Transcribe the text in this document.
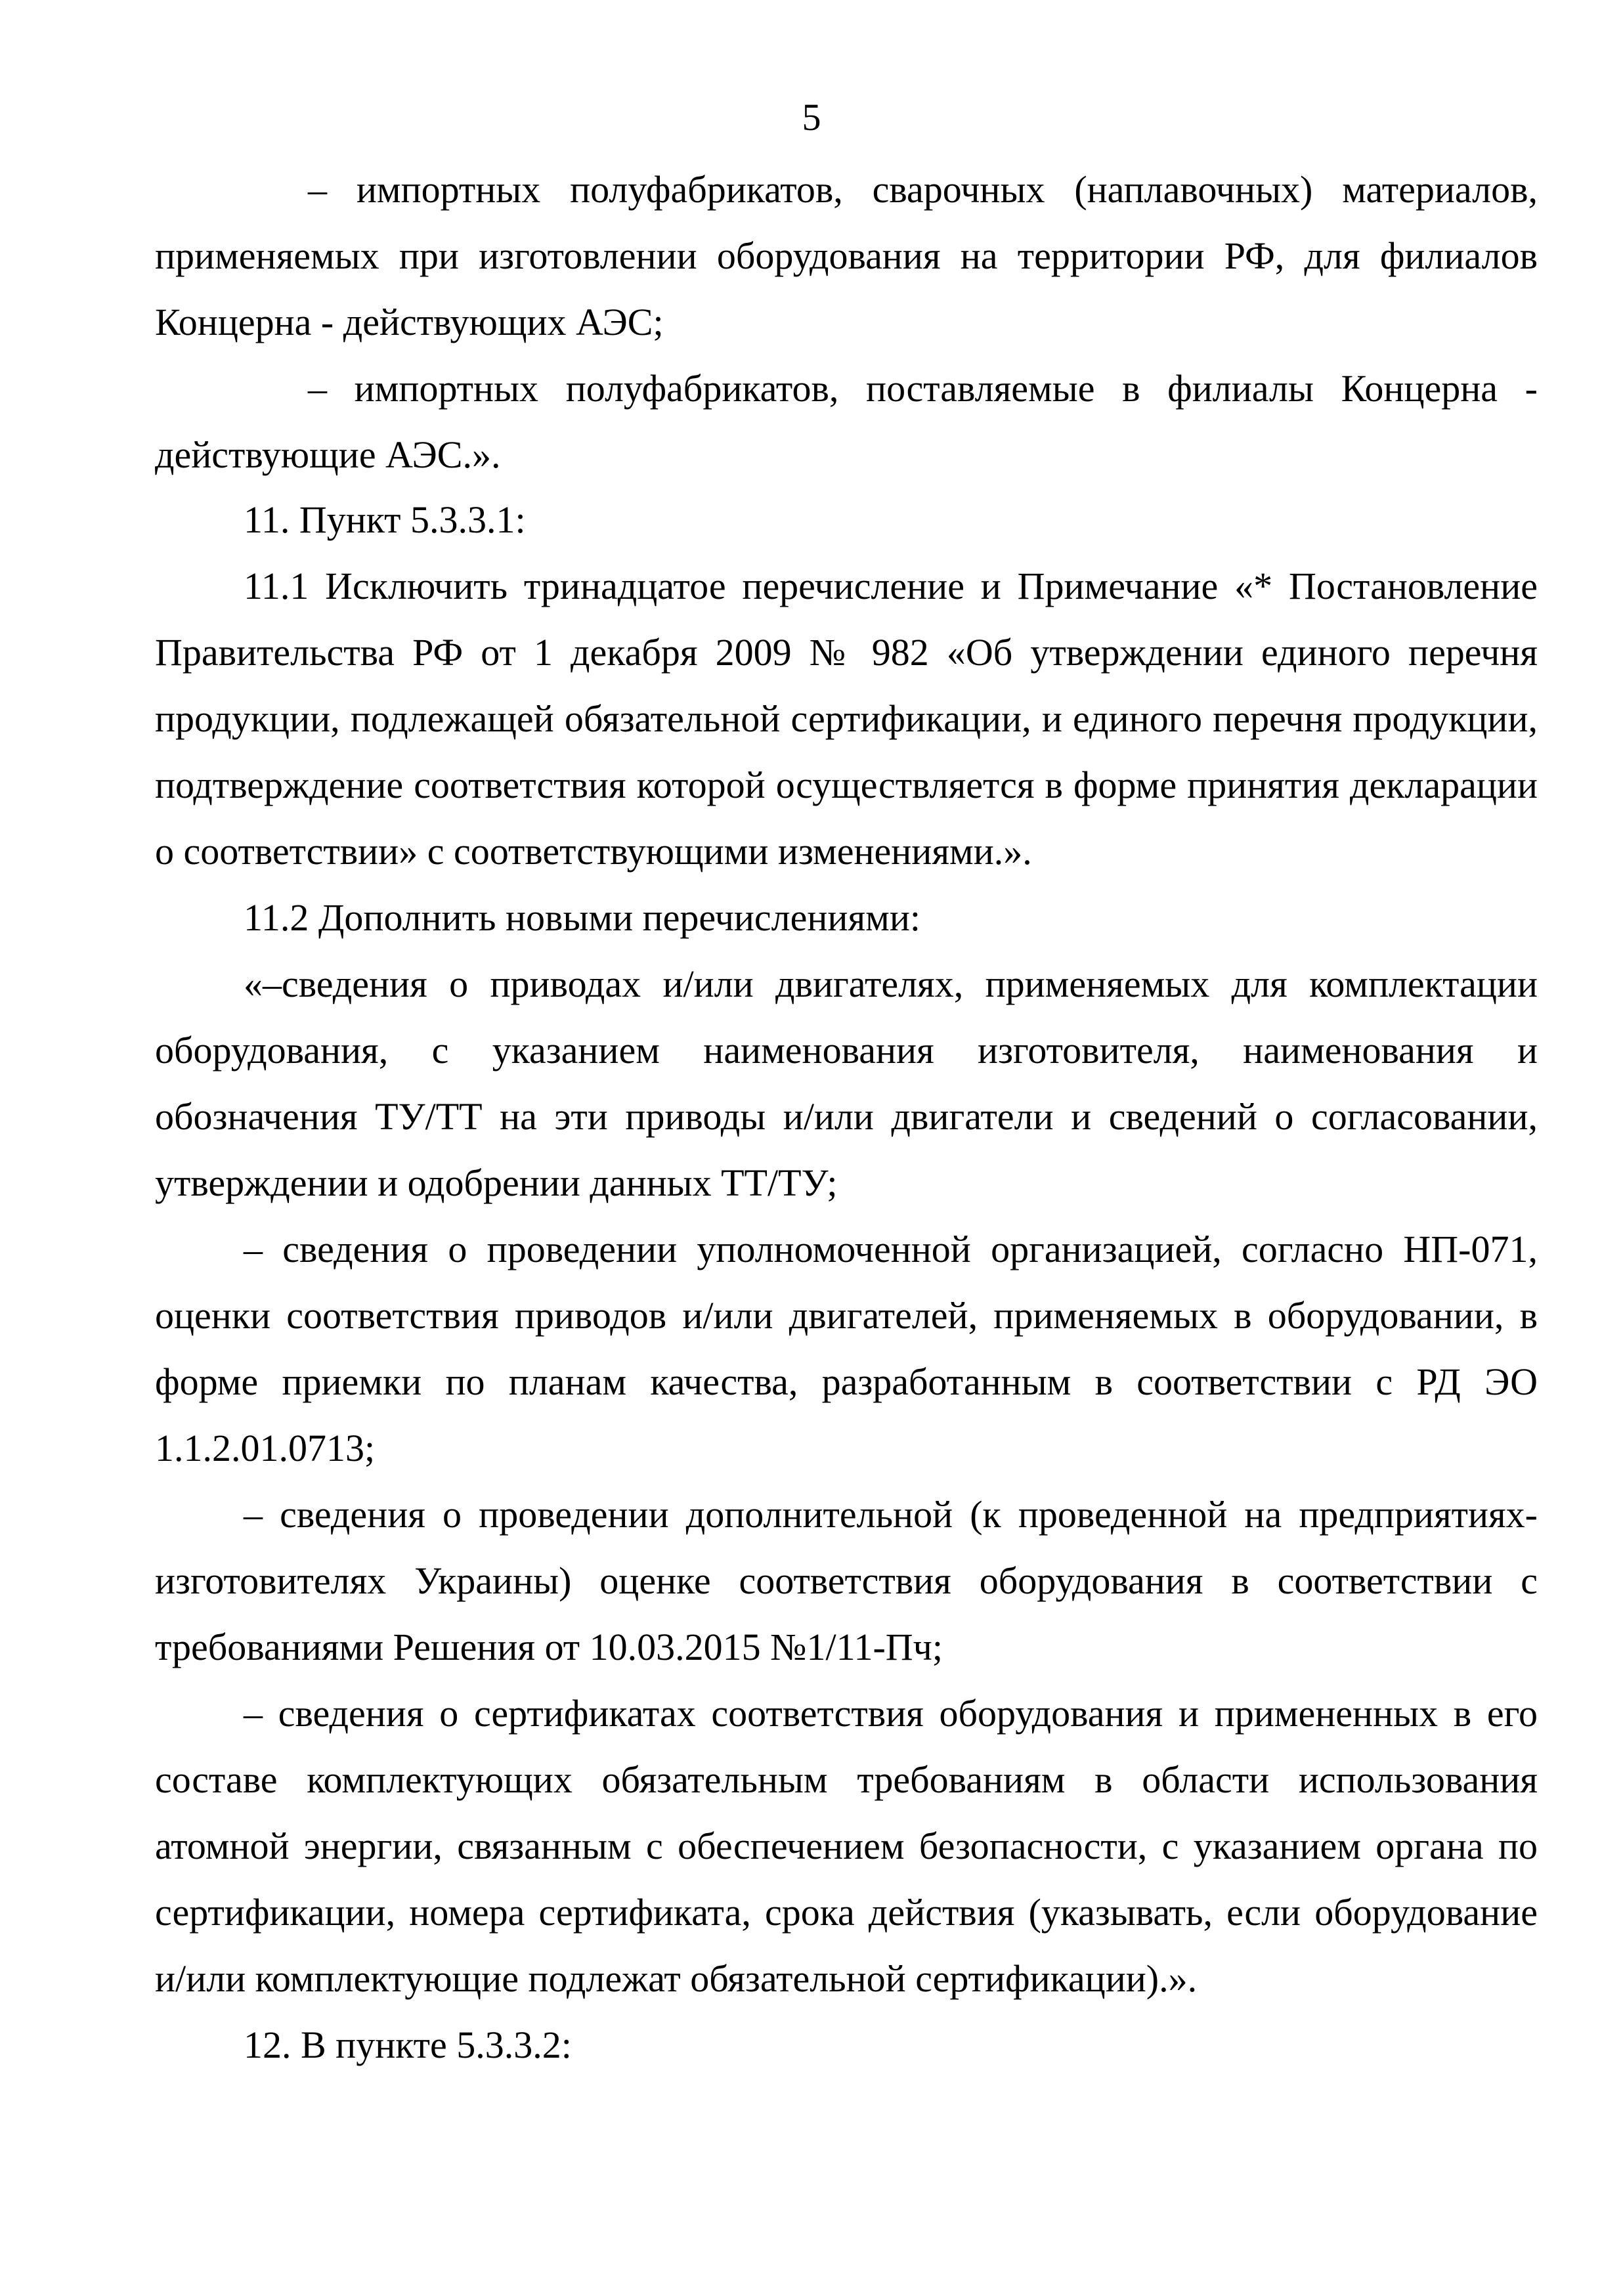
5

– импортных полуфабрикатов, сварочных (наплавочных) материалов, применяемых при изготовлении оборудования на территории РФ, для филиалов Концерна - действующих АЭС;

– импортных полуфабрикатов, поставляемые в филиалы Концерна - действующие АЭС.».

11. Пункт 5.3.3.1:

11.1 Исключить тринадцатое перечисление и Примечание «* Постановление Правительства РФ от 1 декабря 2009 № 982 «Об утверждении единого перечня продукции, подлежащей обязательной сертификации, и единого перечня продукции, подтверждение соответствия которой осуществляется в форме принятия декларации о соответствии» с соответствующими изменениями.».

11.2 Дополнить новыми перечислениями:

«–сведения о приводах и/или двигателях, применяемых для комплектации оборудования, с указанием наименования изготовителя, наименования и обозначения ТУ/ТТ на эти приводы и/или двигатели и сведений о согласовании, утверждении и одобрении данных ТТ/ТУ;

– сведения о проведении уполномоченной организацией, согласно НП-071, оценки соответствия приводов и/или двигателей, применяемых в оборудовании, в форме приемки по планам качества, разработанным в соответствии с РД ЭО 1.1.2.01.0713;

– сведения о проведении дополнительной (к проведенной на предприятиях-изготовителях Украины) оценке соответствия оборудования в соответствии с требованиями Решения от 10.03.2015 №1/11-Пч;

– сведения о сертификатах соответствия оборудования и примененных в его составе комплектующих обязательным требованиям в области использования атомной энергии, связанным с обеспечением безопасности, с указанием органа по сертификации, номера сертификата, срока действия (указывать, если оборудование и/или комплектующие подлежат обязательной сертификации).».

12. В пункте 5.3.3.2:
